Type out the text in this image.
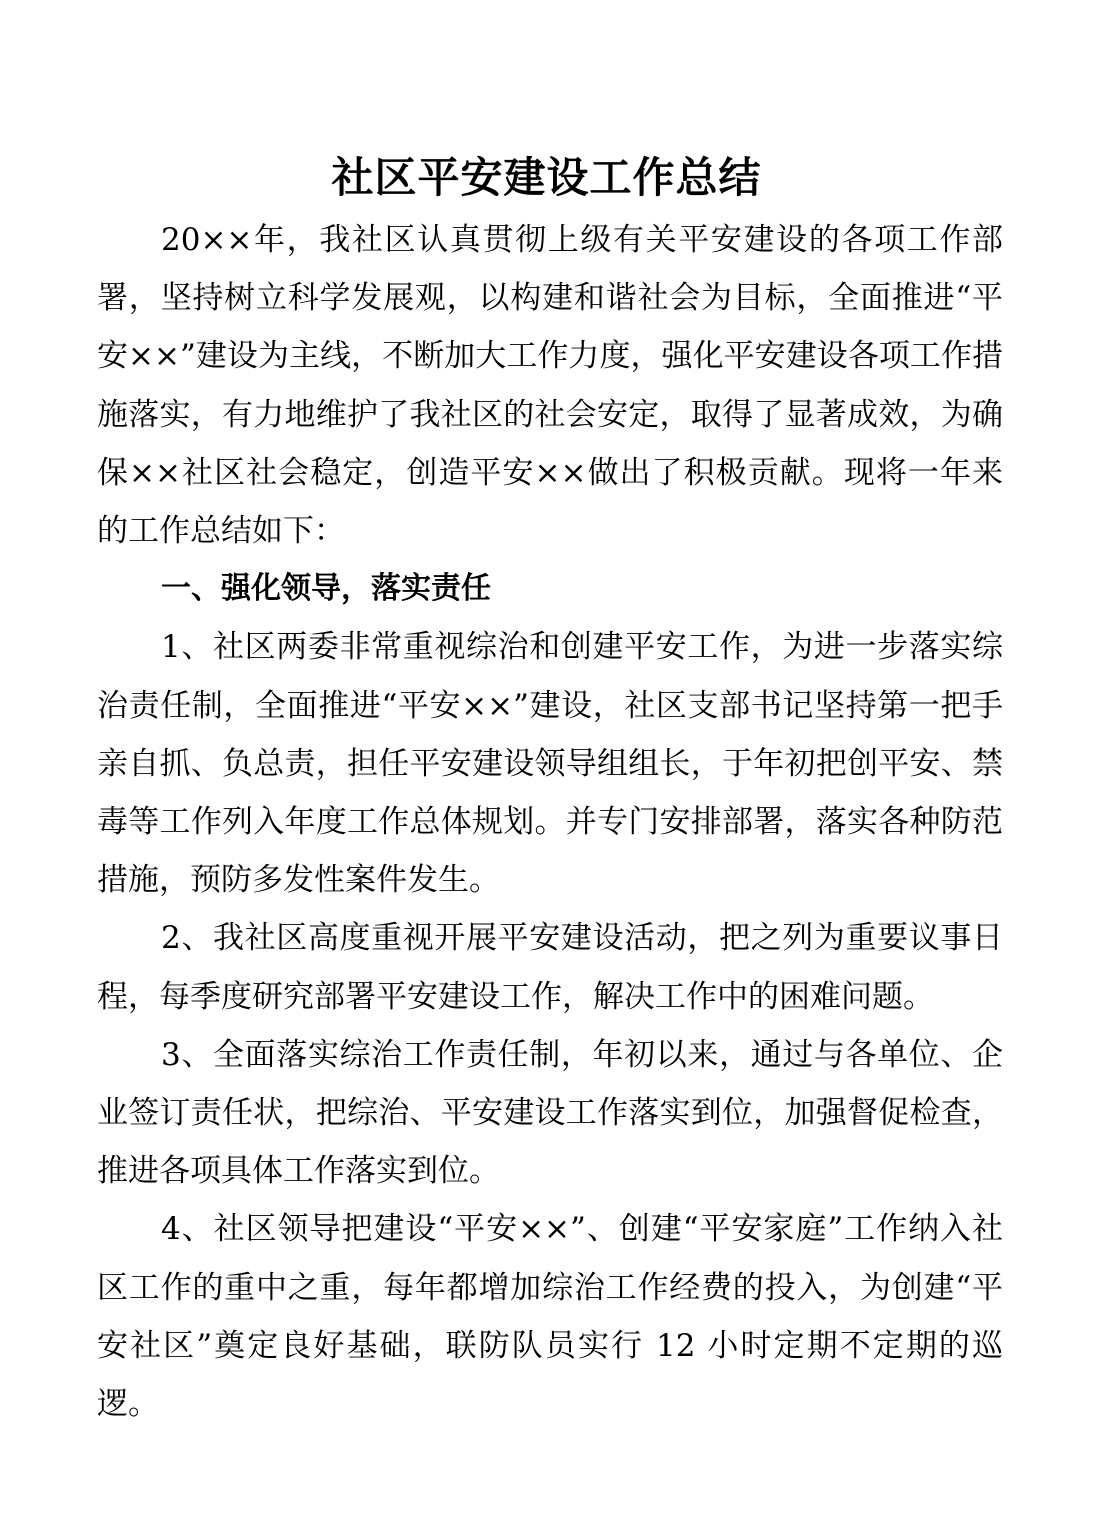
社区平安建设工作总结

20××年，我社区认真贯彻上级有关平安建设的各项工作部署，坚持树立科学发展观，以构建和谐社会为目标，全面推进“平安××”建设为主线，不断加大工作力度，强化平安建设各项工作措施落实，有力地维护了我社区的社会安定，取得了显著成效，为确保××社区社会稳定，创造平安××做出了积极贡献。现将一年来的工作总结如下：

一、强化领导，落实责任

1、社区两委非常重视综治和创建平安工作，为进一步落实综治责任制，全面推进“平安××”建设，社区支部书记坚持第一把手亲自抓、负总责，担任平安建设领导组组长，于年初把创平安、禁毒等工作列入年度工作总体规划。并专门安排部署，落实各种防范措施，预防多发性案件发生。

2、我社区高度重视开展平安建设活动，把之列为重要议事日程，每季度研究部署平安建设工作，解决工作中的困难问题。

3、全面落实综治工作责任制，年初以来，通过与各单位、企业签订责任状，把综治、平安建设工作落实到位，加强督促检查，推进各项具体工作落实到位。

4、社区领导把建设“平安××”、创建“平安家庭”工作纳入社区工作的重中之重，每年都增加综治工作经费的投入，为创建“平安社区”奠定良好基础，联防队员实行 12 小时定期不定期的巡逻。
